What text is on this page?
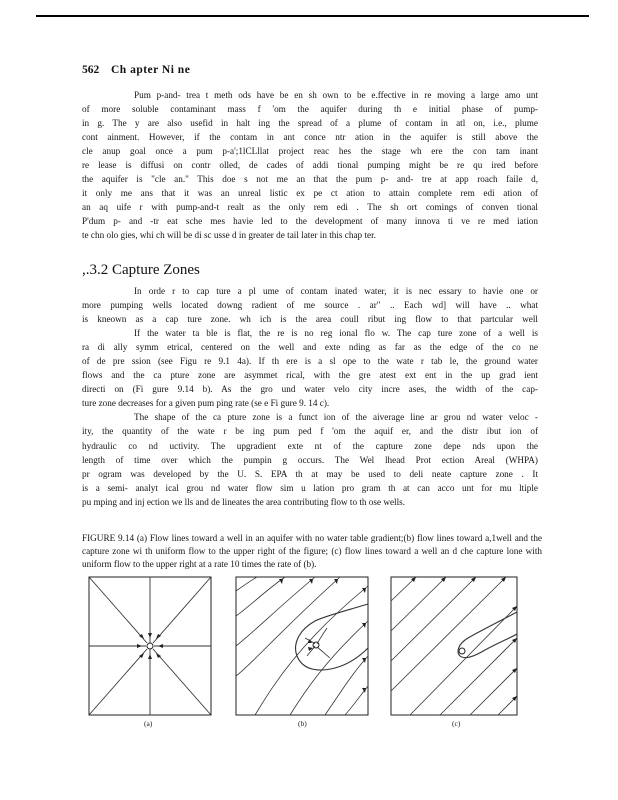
562 Ch apter Ni ne

Pum p-and- trea t meth ods have be en sh own to be e.ffective in re moving a large amo unt

of more soluble contaminant mass f 'om the aquifer during th e initial phase of pump-

in g. The y are also usefid in halt ing the spread of a plume of contam in atl on, i.e., plume

cont ainment. However, if the contam in ant conce ntr ation in the aquifer is still above the

cle anup goal once a pum p-a';1lCLllat project reac hes the stage wh ere the con tam inant

re lease is diffusi on contr olled, de cades of addi tional pumping might be re qu ired before

the aquifer is "cle an." This doe s not me an that the pum p- and- tre at app roach faile d,

it only me ans that it was an unreal listic ex pe ct ation to attain complete rem edi ation of

an aq uife r with pump-and-t realt as the only rem edi . The sh ort comings of conven tional

P'dum p- and -tr eat sche mes havie led to the development of many innova ti ve re med iation

te chn olo gies, whi ch will be di sc usse d in greater de tail later in this chap ter.

,.3.2 Capture Zones

In orde r to cap ture a pl ume of contam inated water, it is nec essary to havie one or

more pumping wells located downg radient of me source . ar" .. Each wd] will have .. what

is kneown as a cap ture zone. wh ich is the area coull ribut ing flow to that partcular well

If the water ta ble is flat, the re is no reg ional flo w. The cap ture zone of a well is

ra di ally symm etrical, centered on the well and exte nding as far as the edge of the co ne

of de pre ssion (see Figu re 9.1 4a). If th ere is a sl ope to the wate r tab le, the ground water

flows and the ca pture zone are asymmet rical, with the gre atest ext ent in the up grad ient

directi on (Fi gure 9.14 b). As the gro und water velo city incre ases, the width of the cap-

ture zone decreases for a given pum ping rate (se e Fi gure 9. 14 c).

The shape of the ca pture zone is a funct ion of the aiverage line ar grou nd water veloc -

ity, the quantity of the wate r be ing pum ped f 'om the aquif er, and the distr ibut ion of

hydraulic co nd uctivity. The upgradient exte nt of the capture zone depe nds upon the

length of time over which the pumpin g occurs. The Wel lhead Prot ection Areal (WHPA)

pr ogram was developed by the U. S. EPA th at may be used to deli neate capture zone . It

is a semi- analyt ical grou nd water flow sim u lation pro gram th at can acco unt for mu ltiple

pu mping and inj ection we lls and de lineates the area contributing flow to th ose wells.

FIGURE 9.14 (a) Flow lines toward a well in an aquifer with no water table gradient;(b) flow lines toward a,1well and the capture zone wi th uniform flow to the upper right of the figure; (c) flow lines toward a well an d che capture lone with uniform flow to the upper right at a rate 10 times the rate of (b).
(a)	(b)	(c)
